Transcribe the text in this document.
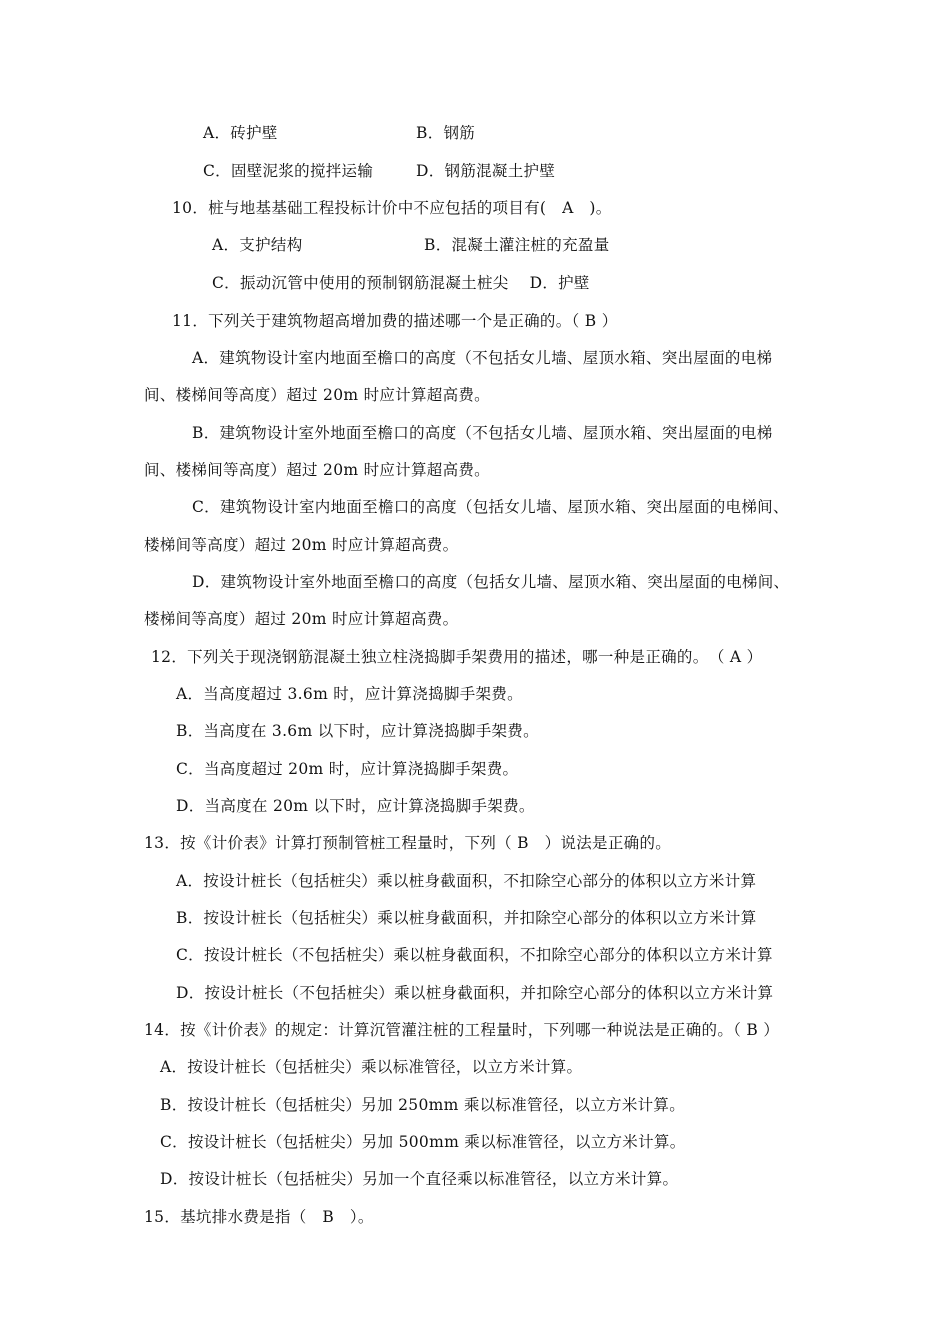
A．砖护壁	B．钢筋
C．固壁泥浆的搅拌运输	D．钢筋混凝土护壁
10．桩与地基基础工程投标计价中不应包括的项目有(　A　)。
A．支护结构	B．混凝土灌注桩的充盈量
C．振动沉管中使用的预制钢筋混凝土桩尖　 D．护壁
11．下列关于建筑物超高增加费的描述哪一个是正确的。（ B ）
A．建筑物设计室内地面至檐口的高度（不包括女儿墙、屋顶水箱、突出屋面的电梯
间、楼梯间等高度）超过 20m 时应计算超高费。
B．建筑物设计室外地面至檐口的高度（不包括女儿墙、屋顶水箱、突出屋面的电梯
间、楼梯间等高度）超过 20m 时应计算超高费。
C．建筑物设计室内地面至檐口的高度（包括女儿墙、屋顶水箱、突出屋面的电梯间、
楼梯间等高度）超过 20m 时应计算超高费。
D．建筑物设计室外地面至檐口的高度（包括女儿墙、屋顶水箱、突出屋面的电梯间、
楼梯间等高度）超过 20m 时应计算超高费。
12．下列关于现浇钢筋混凝土独立柱浇捣脚手架费用的描述，哪一种是正确的。　（ A ）
A．当高度超过 3.6m 时，应计算浇捣脚手架费。
B．当高度在 3.6m 以下时，应计算浇捣脚手架费。
C．当高度超过 20m 时，应计算浇捣脚手架费。
D．当高度在 20m 以下时，应计算浇捣脚手架费。
13．按《计价表》计算打预制管桩工程量时，下列（ B　）说法是正确的。
A．按设计桩长（包括桩尖）乘以桩身截面积，不扣除空心部分的体积以立方米计算
B．按设计桩长（包括桩尖）乘以桩身截面积，并扣除空心部分的体积以立方米计算
C．按设计桩长（不包括桩尖）乘以桩身截面积，不扣除空心部分的体积以立方米计算
D．按设计桩长（不包括桩尖）乘以桩身截面积，并扣除空心部分的体积以立方米计算
14．按《计价表》的规定：计算沉管灌注桩的工程量时，下列哪一种说法是正确的。（ B ）
A．按设计桩长（包括桩尖）乘以标准管径，以立方米计算。
B．按设计桩长（包括桩尖）另加 250mm 乘以标准管径，以立方米计算。
C．按设计桩长（包括桩尖）另加 500mm 乘以标准管径，以立方米计算。
D．按设计桩长（包括桩尖）另加一个直径乘以标准管径，以立方米计算。
15．基坑排水费是指（　B　）。
